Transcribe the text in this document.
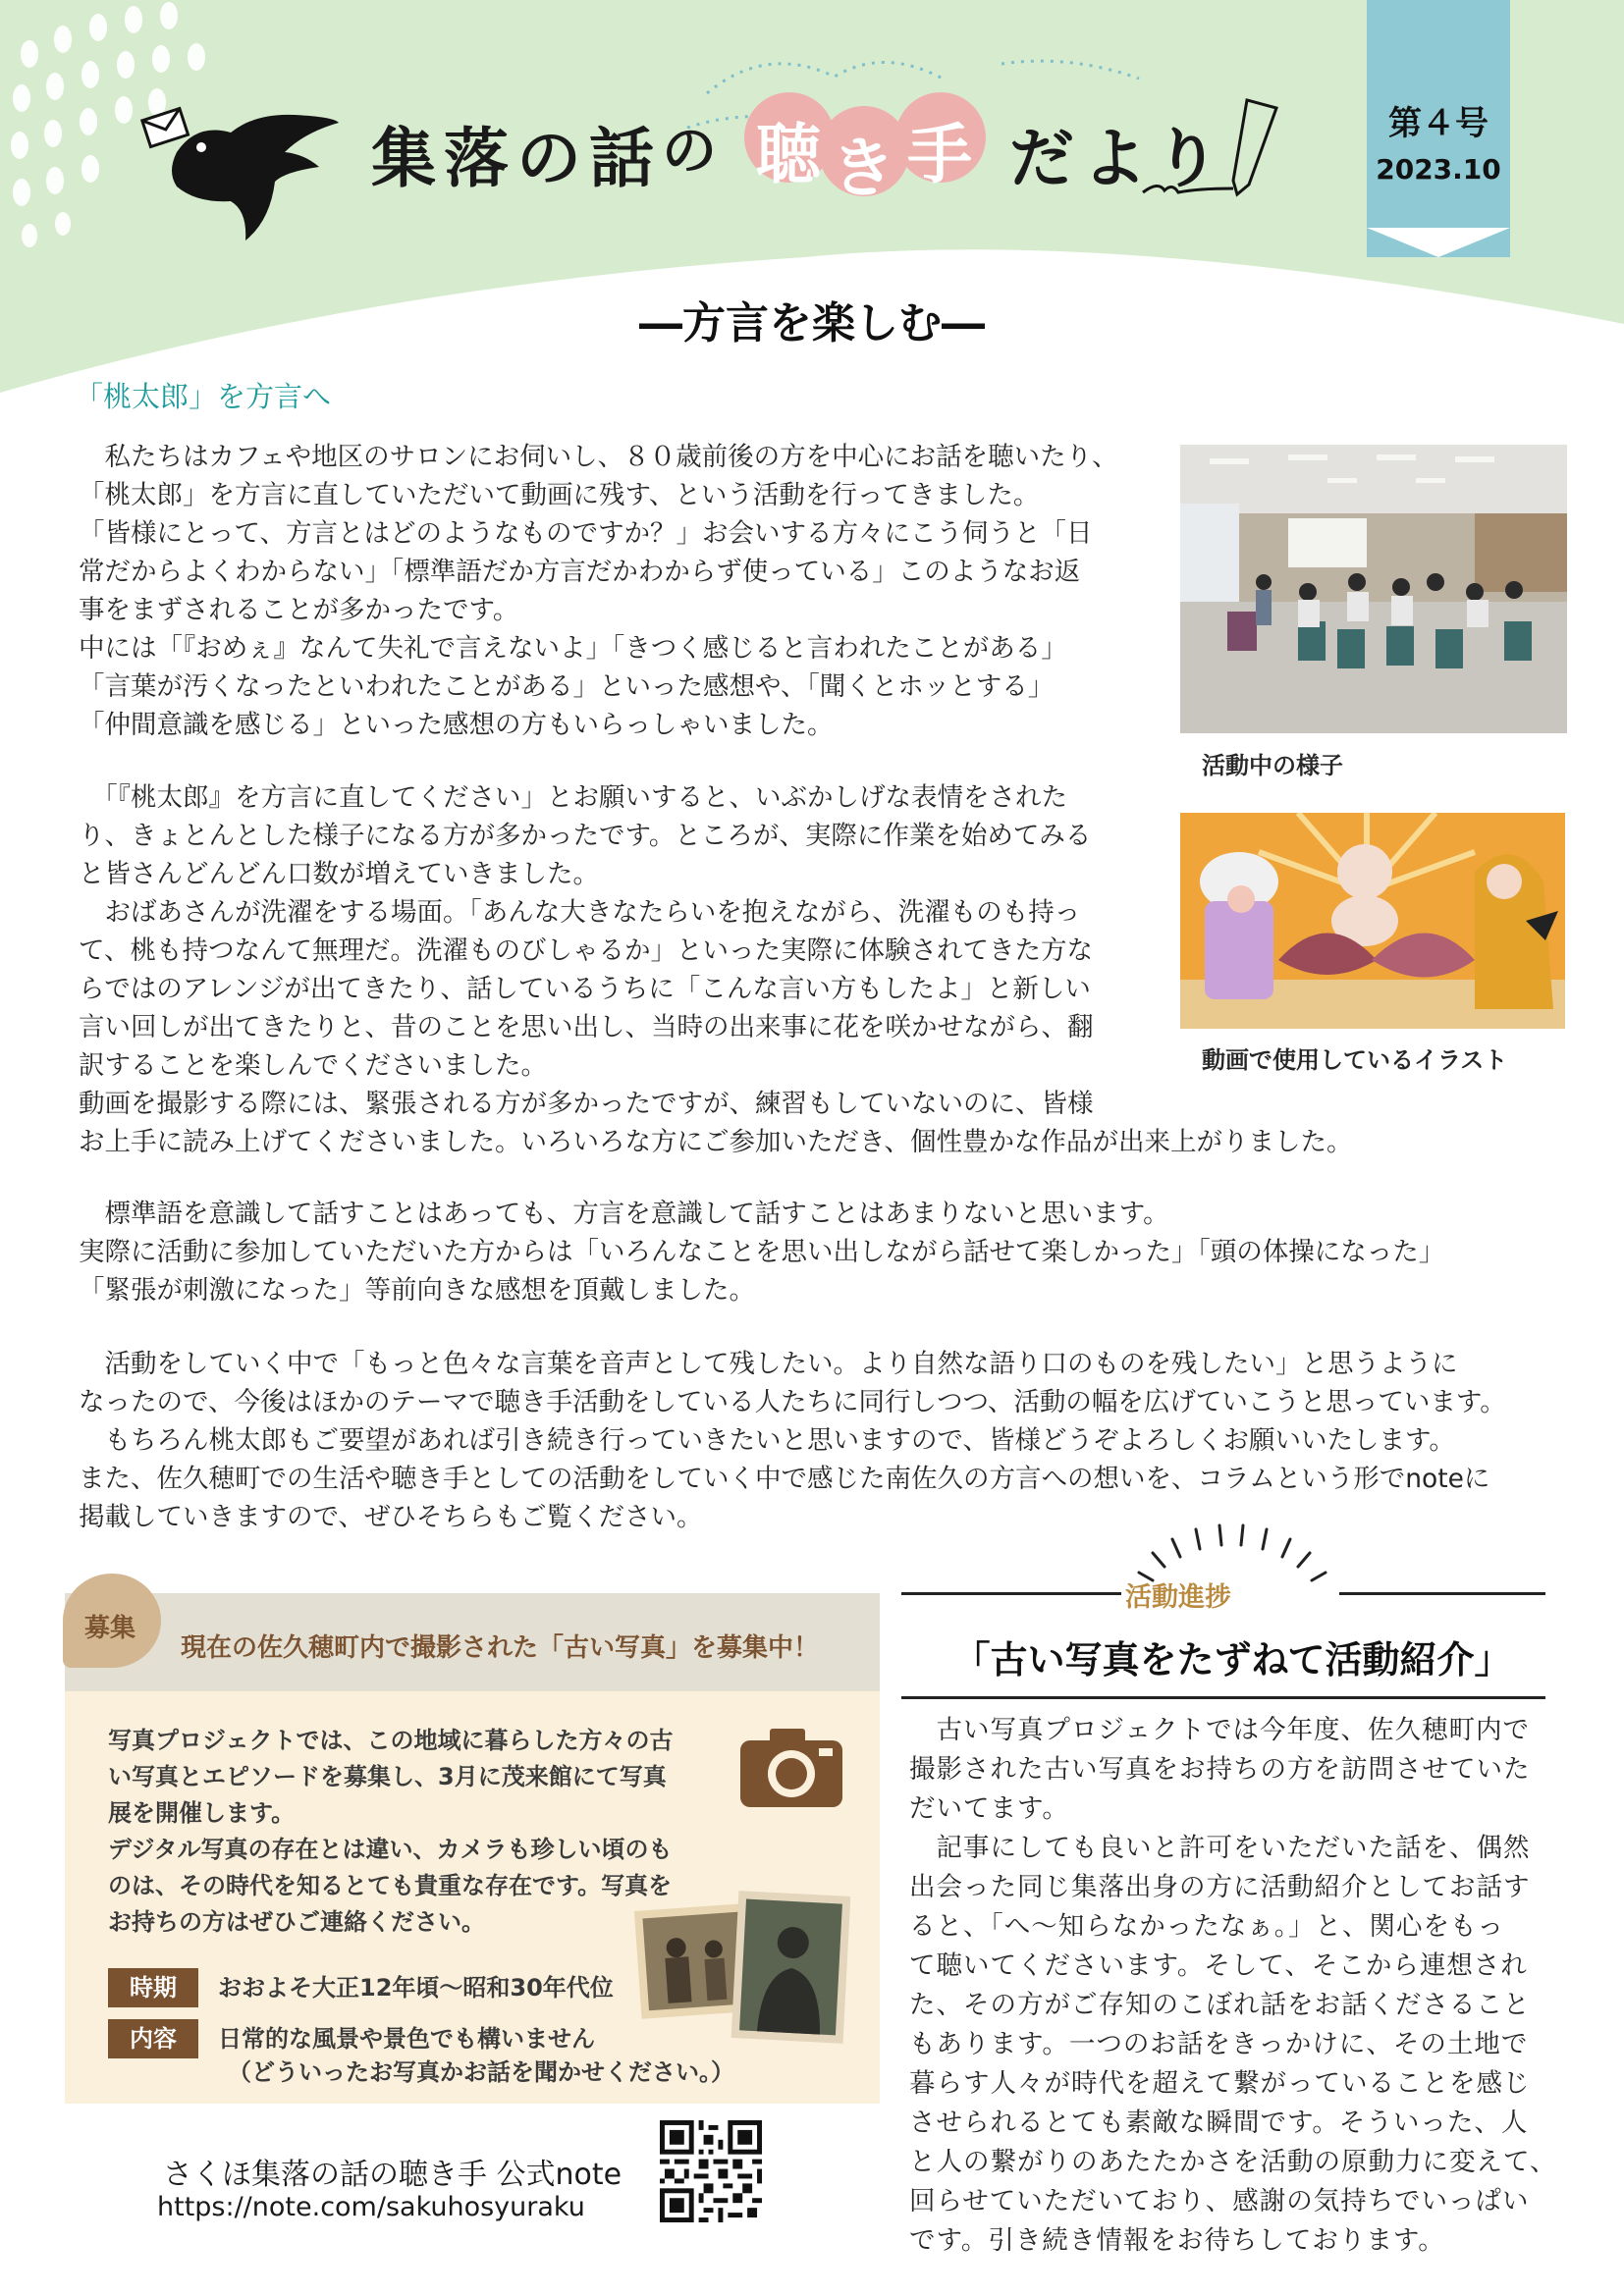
集 落 の 話 の 聴 き 手 だ よ り	第４号
2023.10
―方言を楽しむ―
「桃太郎」を方言へ
　私たちはカフェや地区のサロンにお伺いし、８０歳前後の方を中心にお話を聴いたり、
「桃太郎」を方言に直していただいて動画に残す、という活動を行ってきました。
「皆様にとって、方言とはどのようなものですか？」お会いする方々にこう伺うと「日
常だからよくわからない」「標準語だか方言だかわからず使っている」このようなお返
事をまずされることが多かったです。
中には「『おめぇ』なんて失礼で言えないよ」「きつく感じると言われたことがある」
「言葉が汚くなったといわれたことがある」といった感想や、「聞くとホッとする」
「仲間意識を感じる」といった感想の方もいらっしゃいました。
　「『桃太郎』を方言に直してください」とお願いすると、いぶかしげな表情をされた
り、きょとんとした様子になる方が多かったです。ところが、実際に作業を始めてみる
と皆さんどんどん口数が増えていきました。
　おばあさんが洗濯をする場面。「あんな大きなたらいを抱えながら、洗濯ものも持っ
て、桃も持つなんて無理だ。洗濯ものびしゃるか」といった実際に体験されてきた方な
らではのアレンジが出てきたり、話しているうちに「こんな言い方もしたよ」と新しい
言い回しが出てきたりと、昔のことを思い出し、当時の出来事に花を咲かせながら、翻
訳することを楽しんでくださいました。
動画を撮影する際には、緊張される方が多かったですが、練習もしていないのに、皆様
お上手に読み上げてくださいました。いろいろな方にご参加いただき、個性豊かな作品が出来上がりました。
　標準語を意識して話すことはあっても、方言を意識して話すことはあまりないと思います。
実際に活動に参加していただいた方からは「いろんなことを思い出しながら話せて楽しかった」「頭の体操になった」
「緊張が刺激になった」等前向きな感想を頂戴しました。
　活動をしていく中で「もっと色々な言葉を音声として残したい。より自然な語り口のものを残したい」と思うように
なったので、今後はほかのテーマで聴き手活動をしている人たちに同行しつつ、活動の幅を広げていこうと思っています。
　もちろん桃太郎もご要望があれば引き続き行っていきたいと思いますので、皆様どうぞよろしくお願いいたします。
また、佐久穂町での生活や聴き手としての活動をしていく中で感じた南佐久の方言への想いを、コラムという形でnoteに
掲載していきますので、ぜひそちらもご覧ください。
活動中の様子
動画で使用しているイラスト
募集
現在の佐久穂町内で撮影された「古い写真」を募集中！
写真プロジェクトでは、この地域に暮らした方々の古
い写真とエピソードを募集し、3月に茂来館にて写真
展を開催します。
デジタル写真の存在とは違い、カメラも珍しい頃のも
のは、その時代を知るとても貴重な存在です。写真を
お持ちの方はぜひご連絡ください。
時期	おおよそ大正12年頃～昭和30年代位
内容	日常的な風景や景色でも構いません
（どういったお写真かお話を聞かせください。）
さくほ集落の話の聴き手 公式note
https://note.com/sakuhosyuraku
活動進捗
「古い写真をたずねて活動紹介」
　古い写真プロジェクトでは今年度、佐久穂町内で
撮影された古い写真をお持ちの方を訪問させていた
だいてます。
　記事にしても良いと許可をいただいた話を、偶然
出会った同じ集落出身の方に活動紹介としてお話す
ると、「へ～知らなかったなぁ。」と、関心をもっ
て聴いてくださいます。そして、そこから連想され
た、その方がご存知のこぼれ話をお話くださること
もあります。一つのお話をきっかけに、その土地で
暮らす人々が時代を超えて繋がっていることを感じ
させられるとても素敵な瞬間です。そういった、人
と人の繋がりのあたたかさを活動の原動力に変えて、
回らせていただいており、感謝の気持ちでいっぱい
です。引き続き情報をお待ちしております。
